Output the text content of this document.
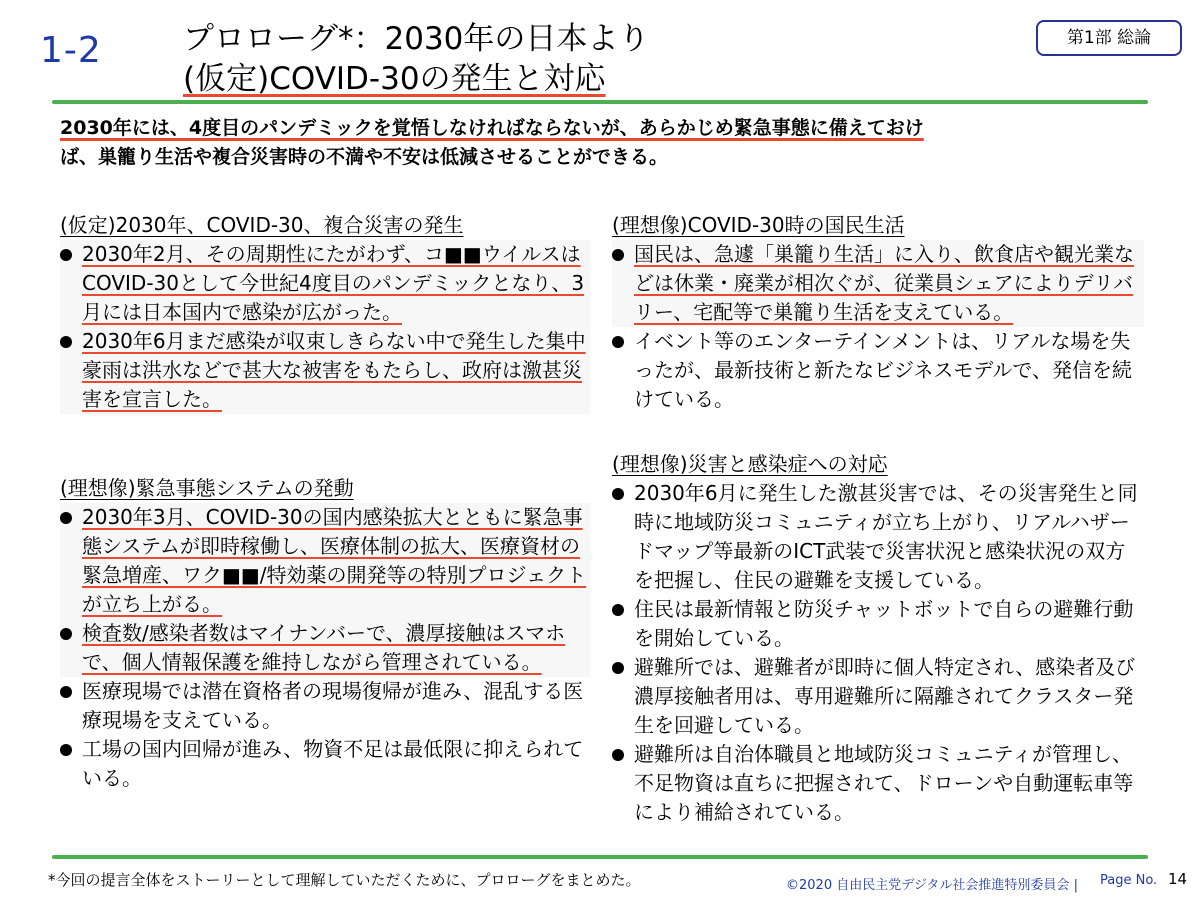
1-2	プロローグ*：2030年の日本より
(仮定)COVID-30の発生と対応
第1部 総論
2030年には、4度目のパンデミックを覚悟しなければならないが、あらかじめ緊急事態に備えておけ
ば、巣籠り生活や複合災害時の不満や不安は低減させることができる。

(仮定)2030年、COVID-30、複合災害の発生

2030年2月、その周期性にたがわず、コ■■ウイルスはCOVID-30として今世紀4度目のパンデミックとなり、3月には日本国内で感染が広がった。
2030年6月まだ感染が収束しきらない中で発生した集中豪雨は洪水などで甚大な被害をもたらし、政府は激甚災害を宣言した。

(理想像)緊急事態システムの発動

2030年3月、COVID-30の国内感染拡大とともに緊急事態システムが即時稼働し、医療体制の拡大、医療資材の緊急増産、ワク■■/特効薬の開発等の特別プロジェクトが立ち上がる。
検査数/感染者数はマイナンバーで、濃厚接触はスマホで、個人情報保護を維持しながら管理されている。
医療現場では潜在資格者の現場復帰が進み、混乱する医療現場を支えている。
工場の国内回帰が進み、物資不足は最低限に抑えられている。

(理想像)COVID-30時の国民生活

国民は、急遽「巣籠り生活」に入り、飲食店や観光業などは休業・廃業が相次ぐが、従業員シェアによりデリバリー、宅配等で巣籠り生活を支えている。
イベント等のエンターテインメントは、リアルな場を失ったが、最新技術と新たなビジネスモデルで、発信を続けている。

(理想像)災害と感染症への対応

2030年6月に発生した激甚災害では、その災害発生と同時に地域防災コミュニティが立ち上がり、リアルハザードマップ等最新のICT武装で災害状況と感染状況の双方を把握し、住民の避難を支援している。
住民は最新情報と防災チャットボットで自らの避難行動を開始している。
避難所では、避難者が即時に個人特定され、感染者及び濃厚接触者用は、専用避難所に隔離されてクラスター発生を回避している。
避難所は自治体職員と地域防災コミュニティが管理し、不足物資は直ちに把握されて、ドローンや自動運転車等により補給されている。
*今回の提言全体をストーリーとして理解していただくために、プロローグをまとめた。	©2020 自由民主党デジタル社会推進特別委員会 | Page No. 14
